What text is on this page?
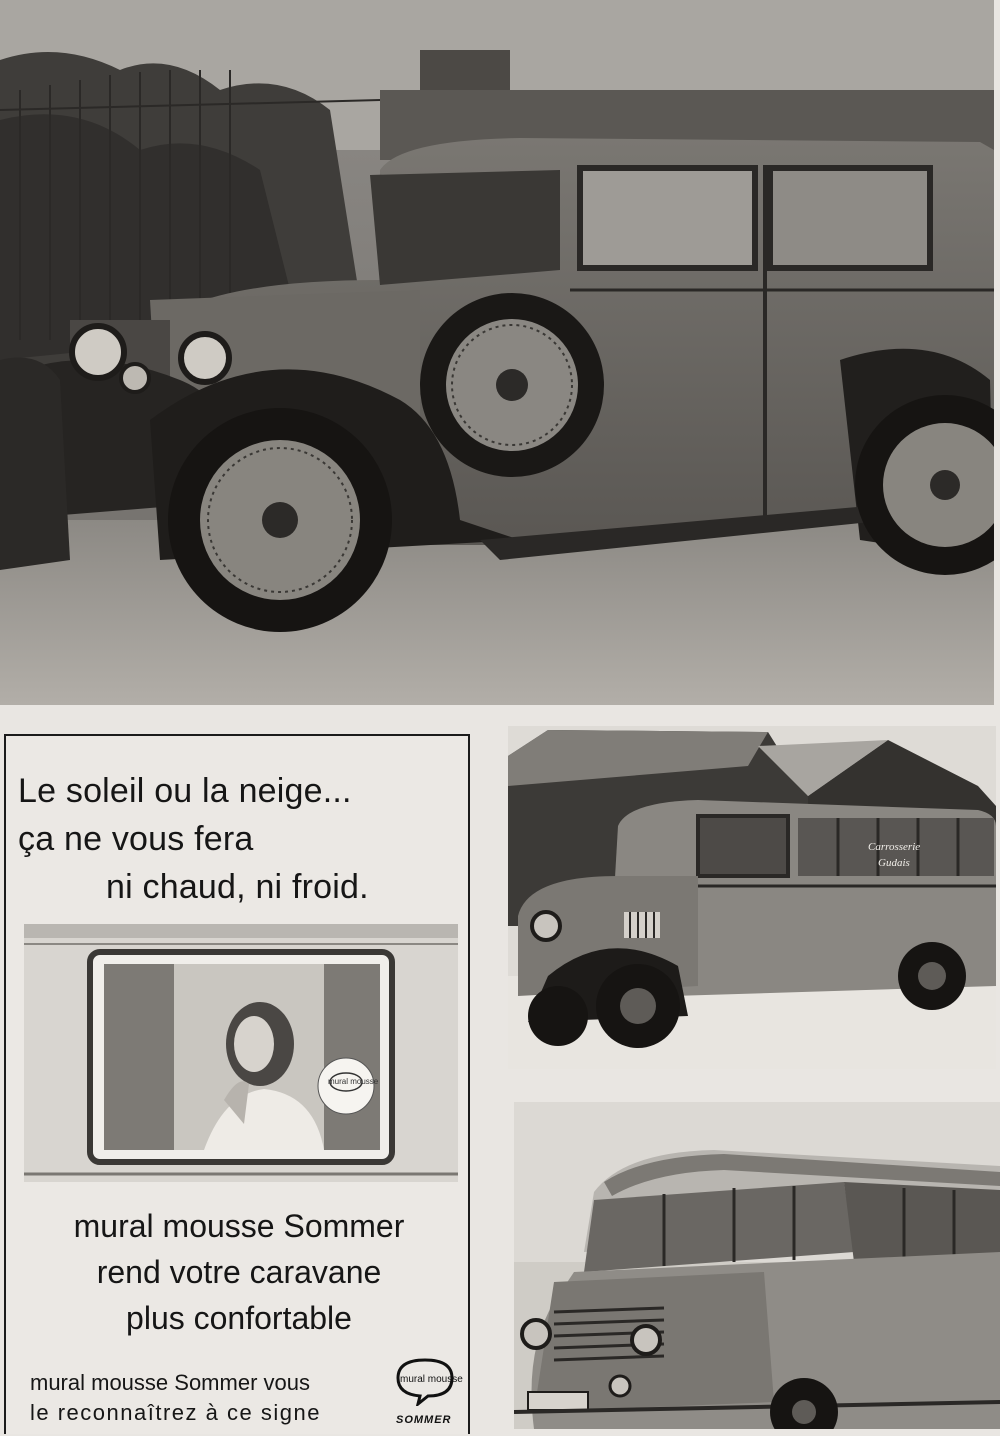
Le soleil ou la neige...
ça ne vous fera
ni chaud, ni froid.
mural mousse
mural mousse Sommer
rend votre caravane
plus confortable
mural mousse Sommer vous
le reconnaîtrez à ce signe
mural mousse
SOMMER
Carrosserie
Gudais
